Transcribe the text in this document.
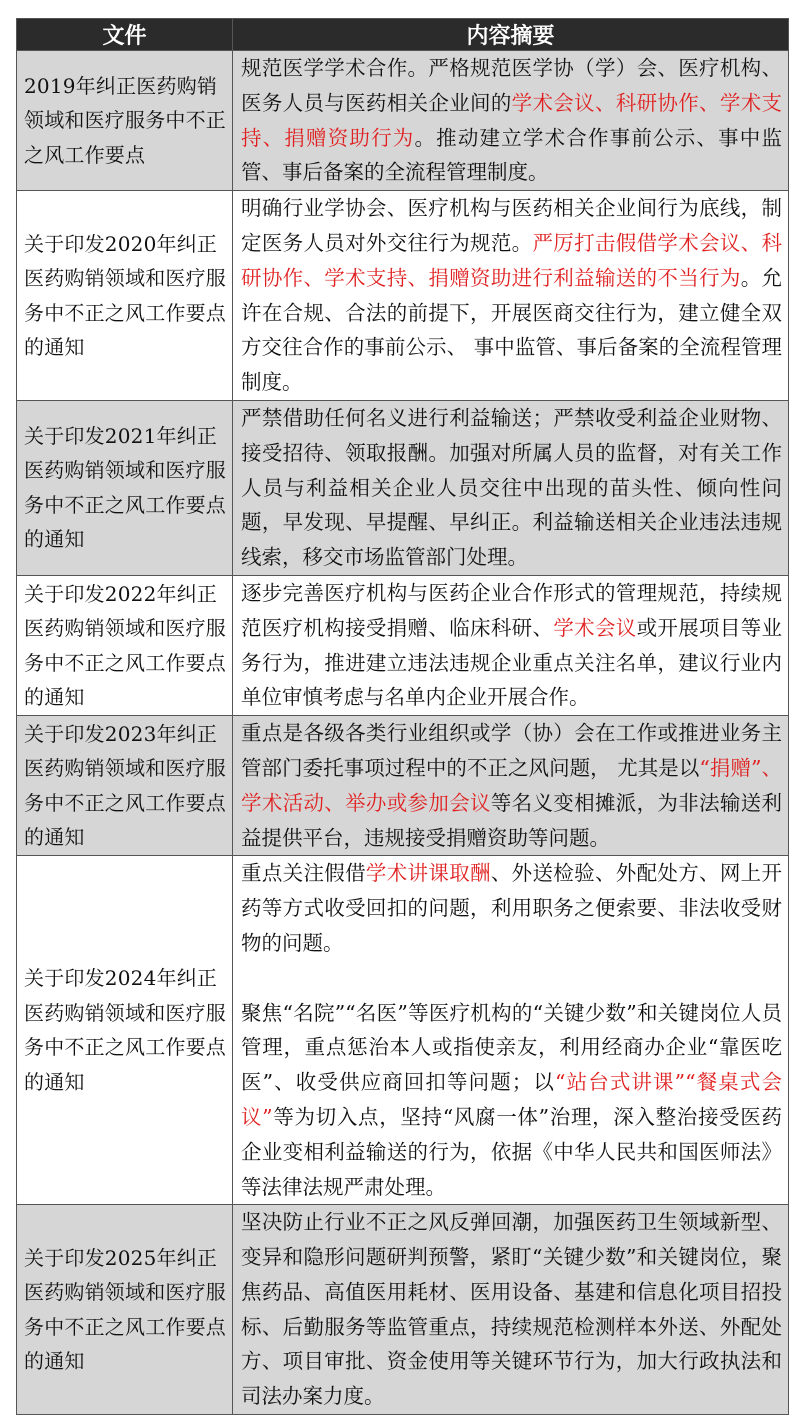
文件	内容摘要
2019年纠正医药购销领域和医疗服务中不正之风工作要点	规范医学学术合作。严格规范医学协（学）会、医疗机构、医务人员与医药相关企业间的学术会议、科研协作、学术支持、捐赠资助行为。推动建立学术合作事前公示、事中监管、事后备案的全流程管理制度。

关于印发2020年纠正医药购销领域和医疗服务中不正之风工作要点的通知	明确行业学协会、医疗机构与医药相关企业间行为底线，制定医务人员对外交往行为规范。严厉打击假借学术会议、科研协作、学术支持、捐赠资助进行利益输送的不当行为。允许在合规、合法的前提下，开展医商交往行为，建立健全双方交往合作的事前公示、 事中监管、事后备案的全流程管理制度。

关于印发2021年纠正医药购销领域和医疗服务中不正之风工作要点的通知	严禁借助任何名义进行利益输送；严禁收受利益企业财物、接受招待、领取报酬。加强对所属人员的监督，对有关工作人员与利益相关企业人员交往中出现的苗头性、倾向性问题，早发现、早提醒、早纠正。利益输送相关企业违法违规线索，移交市场监管部门处理。

关于印发2022年纠正医药购销领域和医疗服务中不正之风工作要点的通知	逐步完善医疗机构与医药企业合作形式的管理规范，持续规范医疗机构接受捐赠、临床科研、学术会议或开展项目等业务行为，推进建立违法违规企业重点关注名单，建议行业内单位审慎考虑与名单内企业开展合作。

关于印发2023年纠正医药购销领域和医疗服务中不正之风工作要点的通知	重点是各级各类行业组织或学（协）会在工作或推进业务主管部门委托事项过程中的不正之风问题， 尤其是以“捐赠”、学术活动、举办或参加会议等名义变相摊派，为非法输送利益提供平台，违规接受捐赠资助等问题。

关于印发2024年纠正医药购销领域和医疗服务中不正之风工作要点的通知	重点关注假借学术讲课取酬、外送检验、外配处方、网上开药等方式收受回扣的问题，利用职务之便索要、非法收受财物的问题。
聚焦“名院”“名医”等医疗机构的“关键少数”和关键岗位人员管理，重点惩治本人或指使亲友，利用经商办企业“靠医吃医”、收受供应商回扣等问题；以“站台式讲课”“餐桌式会议”等为切入点，坚持“风腐一体”治理，深入整治接受医药企业变相利益输送的行为，依据《中华人民共和国医师法》 等法律法规严肃处理。

关于印发2025年纠正医药购销领域和医疗服务中不正之风工作要点的通知	坚决防止行业不正之风反弹回潮，加强医药卫生领域新型、变异和隐形问题研判预警，紧盯“关键少数”和关键岗位，聚焦药品、高值医用耗材、医用设备、基建和信息化项目招投标、后勤服务等监管重点，持续规范检测样本外送、外配处方、项目审批、资金使用等关键环节行为，加大行政执法和司法办案力度。
